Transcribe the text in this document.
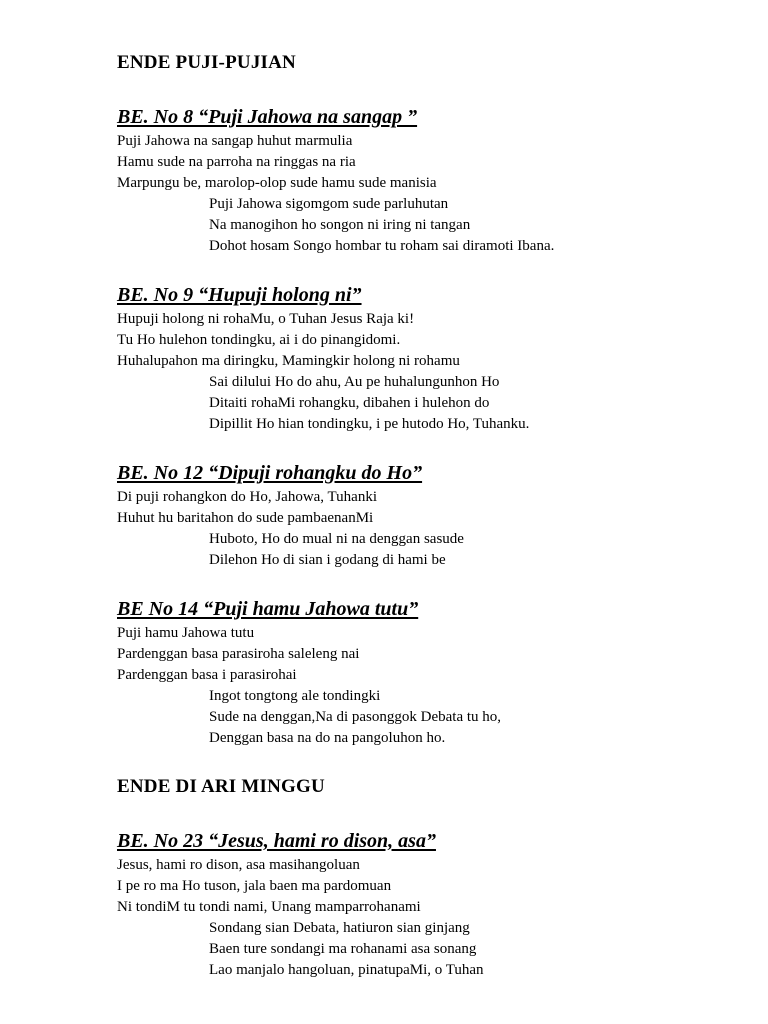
ENDE PUJI-PUJIAN
BE. No 8 “Puji Jahowa na sangap ”
Puji Jahowa na sangap huhut marmulia
Hamu sude na parroha na ringgas na ria
Marpungu be, marolop-olop sude hamu sude manisia
Puji Jahowa sigomgom sude parluhutan
Na manogihon ho songon ni iring ni tangan
Dohot hosam Songo hombar tu roham sai diramoti Ibana.
BE. No 9 “Hupuji holong ni”
Hupuji holong ni rohaMu, o Tuhan Jesus Raja ki!
Tu Ho hulehon tondingku, ai i do pinangidomi.
Huhalupahon ma diringku, Mamingkir holong ni rohamu
Sai dilului Ho do ahu, Au pe huhalungunhon Ho
Ditaiti rohaMi rohangku, dibahen i hulehon do
Dipillit Ho hian tondingku, i pe hutodo Ho, Tuhanku.
BE. No 12 “Dipuji rohangku do Ho”
Di puji rohangkon do Ho, Jahowa, Tuhanki
Huhut hu baritahon do sude pambaenanMi
Huboto, Ho do mual ni na denggan sasude
Dilehon Ho di sian i godang di hami be
BE No 14 “Puji hamu Jahowa tutu”
Puji hamu Jahowa tutu
Pardenggan basa parasiroha saleleng nai
Pardenggan basa i parasirohai
Ingot tongtong ale tondingki
Sude na denggan,Na di pasonggok Debata tu ho,
Denggan basa na do na pangoluhon ho.
ENDE DI ARI MINGGU
BE. No 23 “Jesus, hami ro dison, asa”
Jesus, hami ro dison, asa masihangoluan
I pe ro ma Ho tuson, jala baen ma pardomuan
Ni tondiM tu tondi nami, Unang mamparrohanami
Sondang sian Debata, hatiuron sian ginjang
Baen ture sondangi ma rohanami asa sonang
Lao manjalo hangoluan, pinatupaMi, o Tuhan
